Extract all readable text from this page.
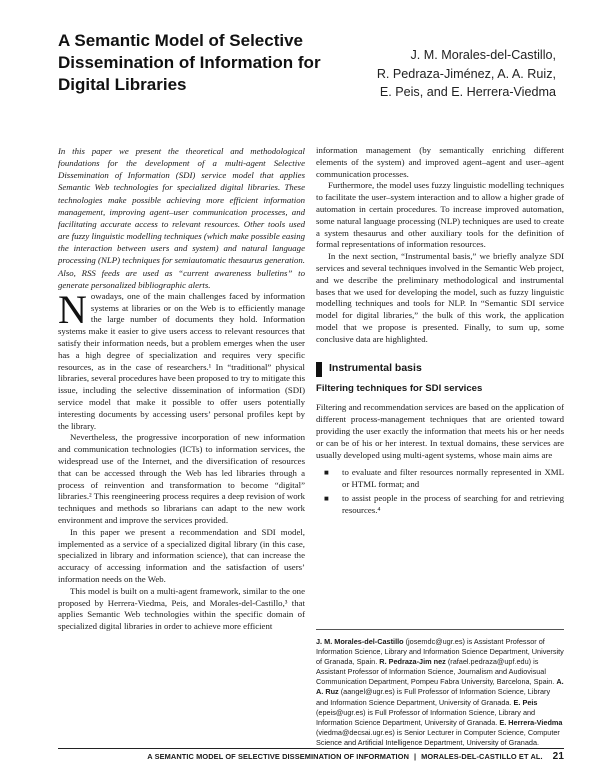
A Semantic Model of Selective Dissemination of Information for Digital Libraries
J. M. Morales-del-Castillo,
R. Pedraza-Jiménez, A. A. Ruiz,
E. Peis, and E. Herrera-Viedma

In this paper we present the theoretical and methodological foundations for the development of a multi-agent Selective Dissemination of Information (SDI) service model that applies Semantic Web technologies for specialized digital libraries. These technologies make possible achieving more efficient information management, improving agent–user communication processes, and facilitating accurate access to relevant resources. Other tools used are fuzzy linguistic modelling techniques (which make possible easing the interaction between users and system) and natural language processing (NLP) techniques for semiautomatic thesaurus generation. Also, RSS feeds are used as “current awareness bulletins” to generate personalized bibliographic alerts.

Nowadays, one of the main challenges faced by information systems at libraries or on the Web is to efficiently manage the large number of documents they hold. Information systems make it easier to give users access to relevant resources that satisfy their information needs, but a problem emerges when the user has a high degree of specialization and requires very specific resources, as in the case of researchers.¹ In “traditional” physical libraries, several procedures have been proposed to try to mitigate this issue, including the selective dissemination of information (SDI) service model that make it possible to offer users potentially interesting documents by accessing users’ personal profiles kept by the library.

Nevertheless, the progressive incorporation of new information and communication technologies (ICTs) to information services, the widespread use of the Internet, and the diversification of resources that can be accessed through the Web has led libraries through a process of reinvention and transformation to become “digital” libraries.² This reengineering process requires a deep revision of work techniques and methods so librarians can adapt to the new work environment and improve the services provided.

In this paper we present a recommendation and SDI model, implemented as a service of a specialized digital library (in this case, specialized in library and information science), that can increase the accuracy of accessing information and the satisfaction of users’ information needs on the Web.

This model is built on a multi-agent framework, similar to the one proposed by Herrera-Viedma, Peis, and Morales-del-Castillo,³ that applies Semantic Web technologies within the specific domain of specialized digital libraries in order to achieve more efficient

information management (by semantically enriching different elements of the system) and improved agent–agent and user–agent communication processes.

Furthermore, the model uses fuzzy linguistic modelling techniques to facilitate the user–system interaction and to allow a higher grade of automation in certain procedures. To increase improved automation, some natural language processing (NLP) techniques are used to create a system thesaurus and other auxiliary tools for the definition of formal representations of information resources.

In the next section, “Instrumental basis,” we briefly analyze SDI services and several techniques involved in the Semantic Web project, and we describe the preliminary methodological and instrumental bases that we used for developing the model, such as fuzzy linguistic modelling techniques and tools for NLP. In “Semantic SDI service model for digital libraries,” the bulk of this work, the application model that we propose is presented. Finally, to sum up, some conclusive data are highlighted.

Instrumental basis
Filtering techniques for SDI services

Filtering and recommendation services are based on the application of different process-management techniques that are oriented toward providing the user exactly the information that meets his or her needs or can be of his or her interest. In textual domains, these services are usually developed using multi-agent systems, whose main aims are

■ to evaluate and filter resources normally represented in XML or HTML format; and
■ to assist people in the process of searching for and retrieving resources.⁴
J. M. Morales-del-Castillo (josemdc@ugr.es) is Assistant Professor of Information Science, Library and Information Science Department, University of Granada, Spain. R. Pedraza-Jim nez (rafael.pedraza@upf.edu) is Assistant Professor of Information Science, Journalism and Audiovisual Communication Department, Pompeu Fabra University, Barcelona, Spain. A. A. Ruz (aangel@ugr.es) is Full Professor of Information Science, Library and Information Science Department, University of Granada. E. Peis (epeis@ugr.es) is Full Professor of Information Science, Library and Information Science Department, University of Granada. E. Herrera-Viedma (viedma@decsai.ugr.es) is Senior Lecturer in Computer Science, Computer Science and Artificial Intelligence Department, University of Granada.
A SEMANTIC MODEL OF SELECTIVE DISSEMINATION OF INFORMATION | MORALES-DEL-CASTILLO ET AL. 21
